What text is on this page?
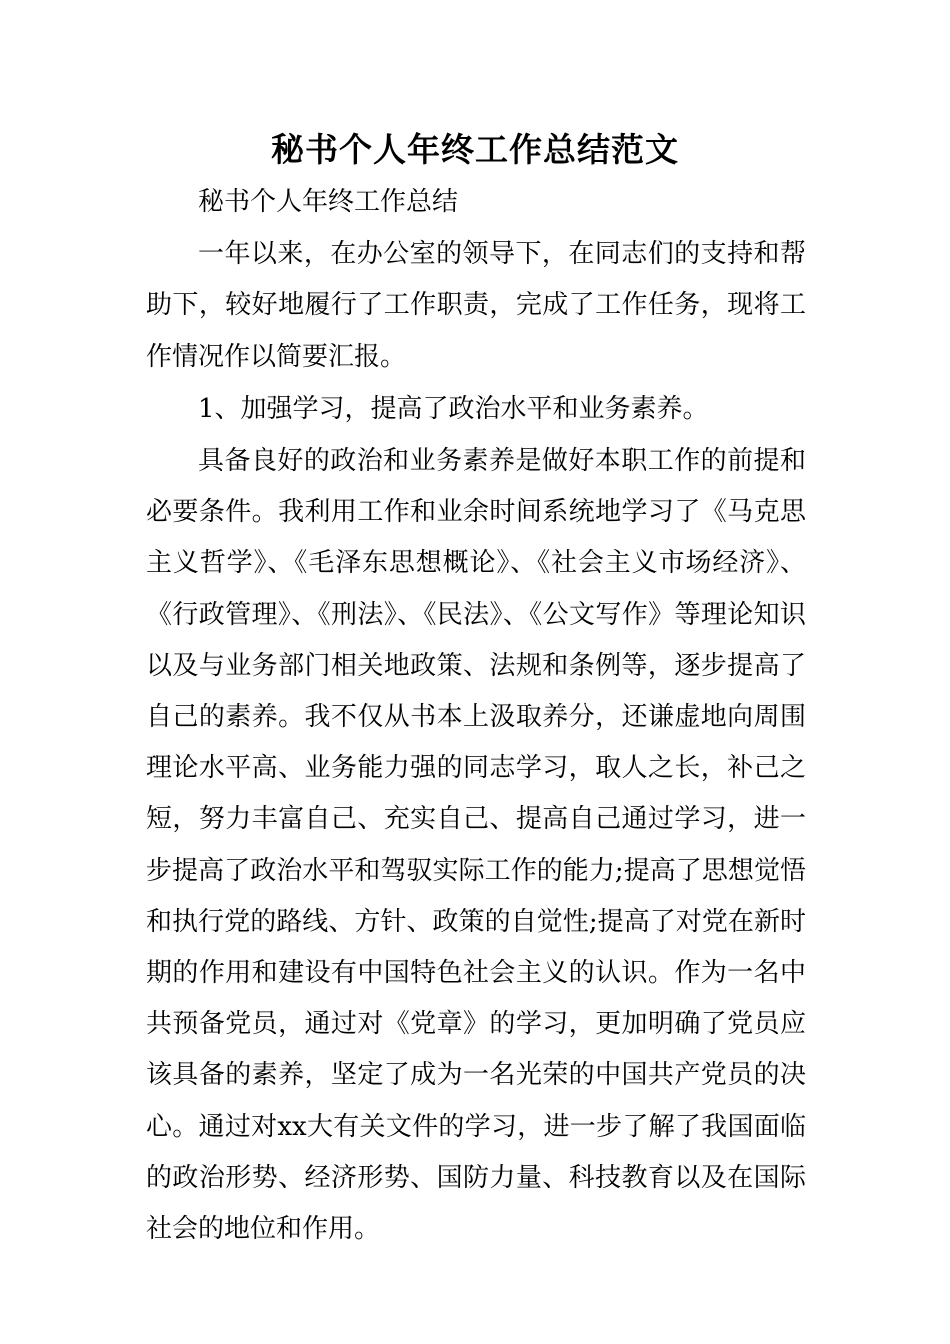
秘书个人年终工作总结范文

秘书个人年终工作总结

一年以来，在办公室的领导下，在同志们的支持和帮助下，较好地履行了工作职责，完成了工作任务，现将工作情况作以简要汇报。

1、加强学习，提高了政治水平和业务素养。

具备良好的政治和业务素养是做好本职工作的前提和必要条件。我利用工作和业余时间系统地学习了《马克思主义哲学》、《毛泽东思想概论》、《社会主义市场经济》、《行政管理》、《刑法》、《民法》、《公文写作》等理论知识以及与业务部门相关地政策、法规和条例等，逐步提高了自己的素养。我不仅从书本上汲取养分，还谦虚地向周围理论水平高、业务能力强的同志学习，取人之长，补己之短，努力丰富自己、充实自己、提高自己通过学习，进一步提高了政治水平和驾驭实际工作的能力;提高了思想觉悟和执行党的路线、方针、政策的自觉性;提高了对党在新时期的作用和建设有中国特色社会主义的认识。作为一名中共预备党员，通过对《党章》的学习，更加明确了党员应该具备的素养，坚定了成为一名光荣的中国共产党员的决心。通过对xx大有关文件的学习，进一步了解了我国面临的政治形势、经济形势、国防力量、科技教育以及在国际社会的地位和作用。
